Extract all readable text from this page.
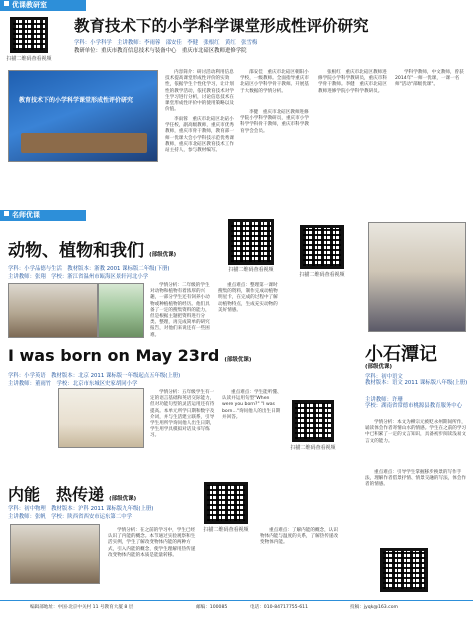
优课教研室
扫描二维码查看视频
教育技术下的小学科学课堂形成性评价研究
学科：小学科学　主讲教师：李雨蓉　邵安佳　李健　张根红　黄红　张雪梅
教研单位：重庆市教育信息技术与装备中心　重庆市北碚区教师进修学院
教育技术下的小学科学课堂形成性评价研究
内容简介：研讨活动利用信息技术提高课堂形成性评价的实效性，依据学生个性化学习，让计划性的教学活动，依托教育技术对学生学习进行分析，讨论信息技术在课堂形成性评价中的使用策略以及价值。
李雨蓉　重庆市北碚区北碚小学任校，副高级教师，重庆市优秀教师，重庆市骨干教师，教育部一师一优课大会小学科技示范优秀课教师，重庆市北碚区教育技术工作站主持人，参与教材编写。
邵安佳　重庆市北碚区朝阳小学校，一级教师。全面指导重庆市北碚区小学科学骨干教师。开展基于大数据的学情分析。
李健　重庆市北碚区教师进修学院小学科学教研员，重庆市小学科学学科骨干教师，重庆市科学教育学会会员。
张根红　重庆市北碚区教师进修学院小学科学教研员，重庆市科学骨干教师。李健　重庆市北碚区教师进修学院小学科学教研员。
学科学教师，中文教师，曾获2014年"一师一优课，一课一名师"活动"部级优课"。
名师优课
动物、植物和我们 (部级优课)
学科：小学品德与生活　教材版本：浙教 2001 课标版二年级(下册)
主讲教师：张翔　学校：浙江省温州市瓯海区景轩河北小学
扫描二维码查看视频
学情分析：二年级的学生对动物和植物有着浓厚的兴趣，一部分学生还有饲养小动物或种植植物的经历。他们具备了一定的搜集资料的能力，但是根据主题把资料进行分类、整理，再完成简单的研究报告，对他们来说还有一些困难。
重点难点：整理第一课时搜集的资料，制作完成动植物明星卡，在完成的过程中了解动植物特点，生成充实动物的美好情感。
I was born on May 23rd (部级优课)
学科：小学英语　教材版本：北京 2011 课标版一年级起点五年级(上册)
主讲教师：董雨竹　学校：北京市东城区史家胡同小学
学情分析：五年级学生有一定的语言基础和英语交际能力，但对功能句型的灵活运用还有待提高。本单元所学日期和数字及介词，并与生活建立联系，引导学生用所学询问他人出生日期，学生用学具模拟对话及书写练习。
重点难点：学生能听懂、认读并运用句型"When were you born?" "I was born..."询问他人的出生日期并回答。
扫描二维码查看视频
扫描二维码查看视频
小石潭记
(部级优课)
学科：初中语文
教材版本：语文 2011 课标版八年级(上册)
主讲教师：许珊
学校：湖南省常德市桃源县教育服务中心
学情分析：本文为柳宗元被贬永州期间所作，诵读体会作者寄情山水的情感。学生在之前的学习中已积累了一定的文言知识，具备初步阅读浅易文言文的能力。
重点难点：引导学生掌握移步换景的写作手法，理解作者借景抒情、情景交融的写法，体会作者的情感。
内能　热传递 (部级优课)
学科：初中物理　教材版本：沪科 2011 课标版九年级(上册)
主讲教师：张帆　学校：陕西省西安市运东第二中学
扫描二维码查看视频
学情分析：在之前的学习中，学生已经认识了内能的概念。本节通过实验观察和生活实例，学生了解改变物体内能的两种方式，引入内能的概念，使学生理解用热传递改变物体内能的本质是能量转移。
重点难点：了解内能的概念，认识物体内能与温度的关系，了解热传递改变物体内能。
编辑部地址：中国·北京中关村 11 号教育大厦 8 层	邮编：100085	电话：010-84717755-611	投稿：jyqk@163.com
